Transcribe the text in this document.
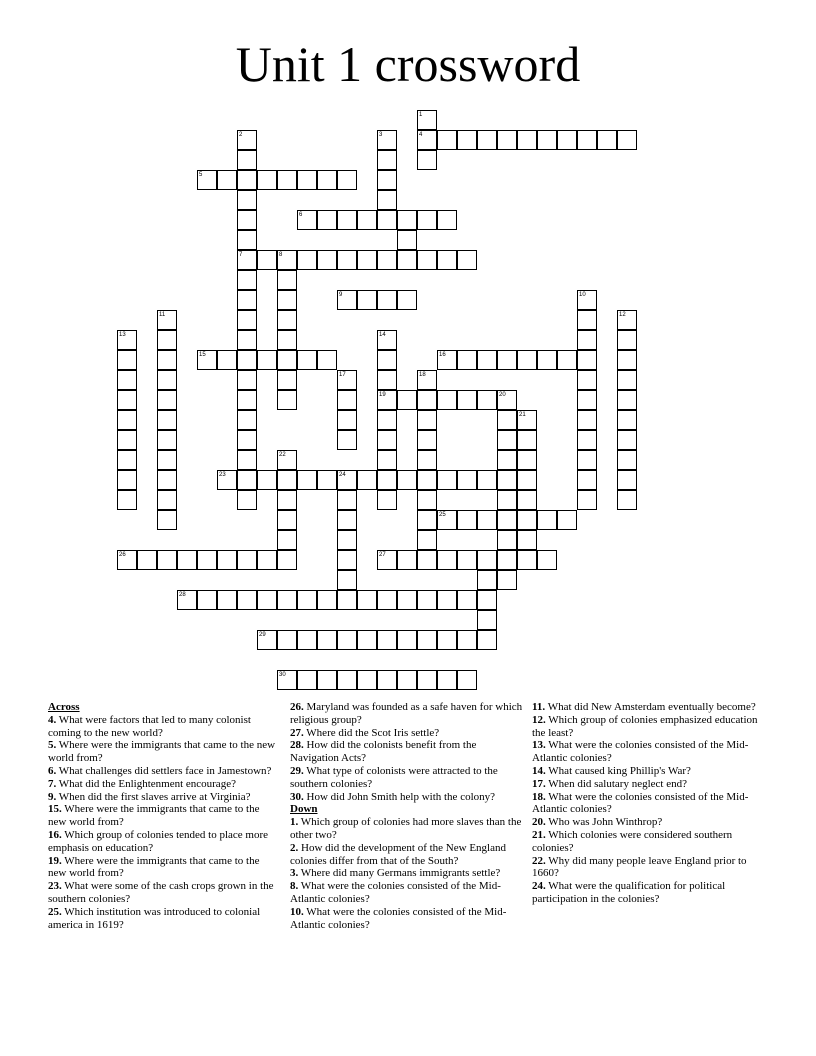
Unit 1 crossword
1
2	3	4
5
6
7	8
9	10
11	12
13	14
15	16
17	18
19	20
21
22
23	24
25
26	27
28
29
30
Across
4. What were factors that led to many colonist coming to the new world?
5. Where were the immigrants that came to the new world from?
6. What challenges did settlers face in Jamestown?
7. What did the Enlightenment encourage?
9. When did the first slaves arrive at Virginia?
15. Where were the immigrants that came to the new world from?
16. Which group of colonies tended to place more emphasis on education?
19. Where were the immigrants that came to the new world from?
23. What were some of the cash crops grown in the southern colonies?
25. Which institution was introduced to colonial america in 1619?
26. Maryland was founded as a safe haven for which religious group?
27. Where did the Scot Iris settle?
28. How did the colonists benefit from the Navigation Acts?
29. What type of colonists were attracted to the southern colonies?
30. How did John Smith help with the colony?
Down
1. Which group of colonies had more slaves than the other two?
2. How did the development of the New England colonies differ from that of the South?
3. Where did many Germans immigrants settle?
8. What were the colonies consisted of the Mid-Atlantic colonies?
10. What were the colonies consisted of the Mid-Atlantic colonies?
11. What did New Amsterdam eventually become?
12. Which group of colonies emphasized education the least?
13. What were the colonies consisted of the Mid-Atlantic colonies?
14. What caused king Phillip's War?
17. When did salutary neglect end?
18. What were the colonies consisted of the Mid-Atlantic colonies?
20. Who was John Winthrop?
21. Which colonies were considered southern colonies?
22. Why did many people leave England prior to 1660?
24. What were the qualification for political participation in the colonies?
